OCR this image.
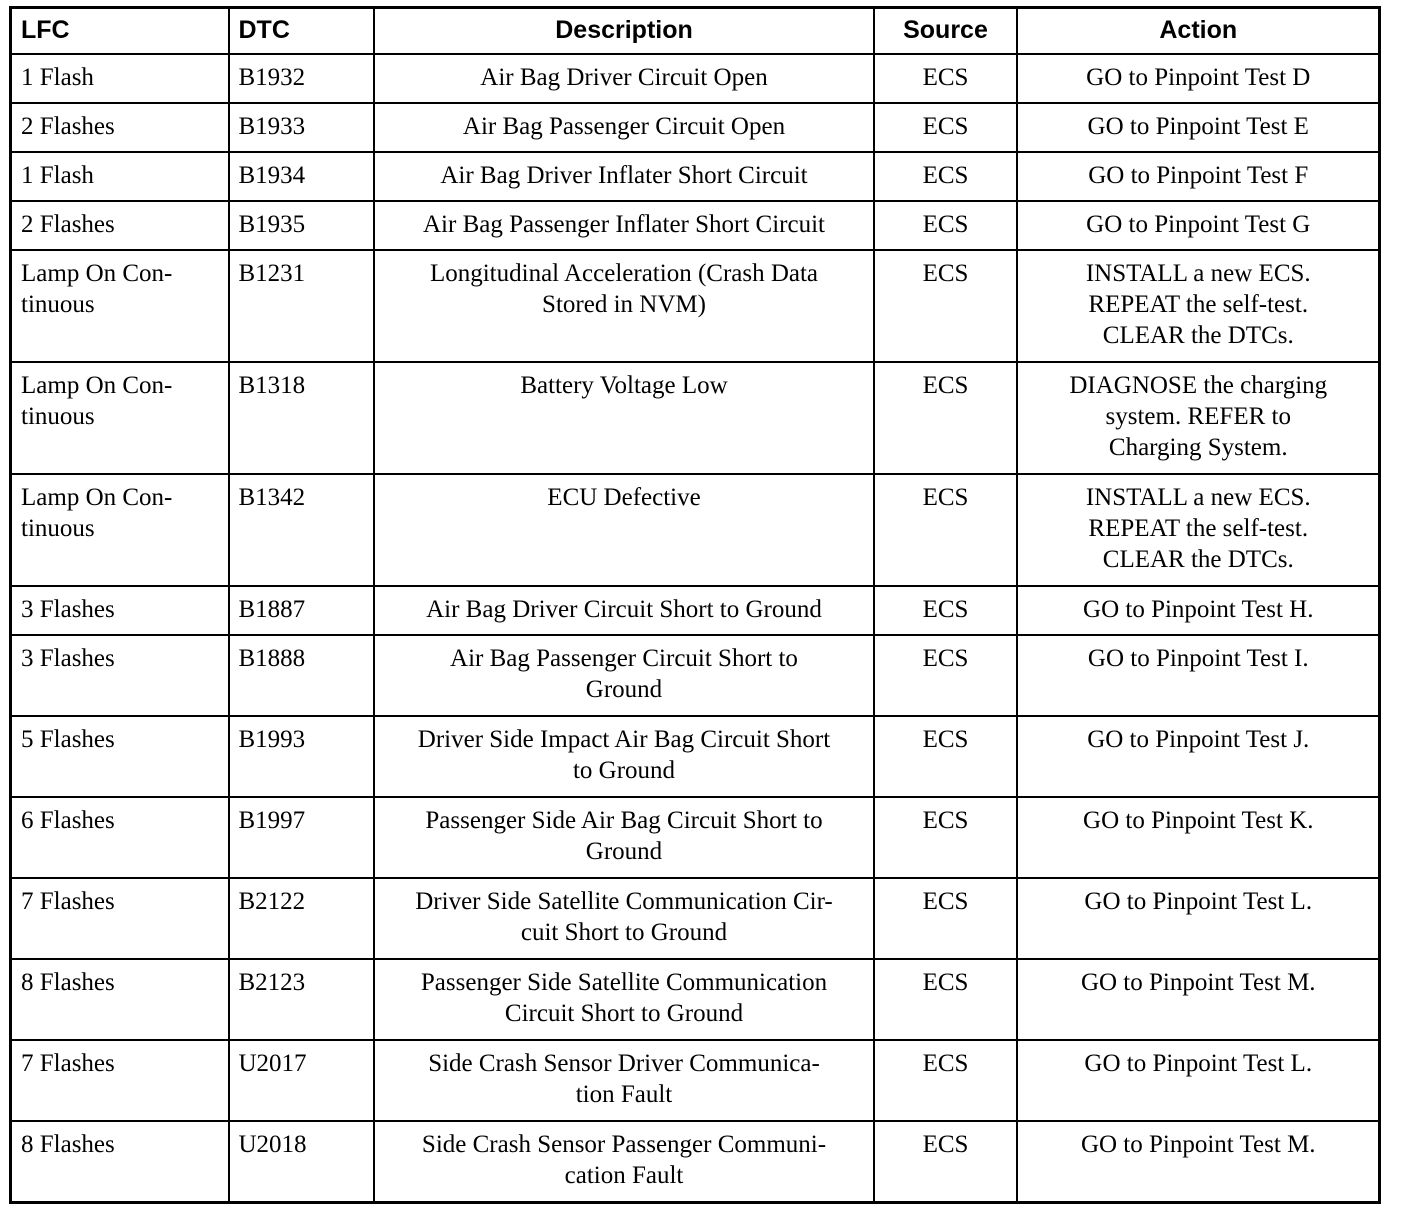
LFC	DTC	Description	Source	Action

1 Flash	B1932	Air Bag Driver Circuit Open	ECS	GO to Pinpoint Test D

2 Flashes	B1933	Air Bag Passenger Circuit Open	ECS	GO to Pinpoint Test E

1 Flash	B1934	Air Bag Driver Inflater Short Circuit	ECS	GO to Pinpoint Test F

2 Flashes	B1935	Air Bag Passenger Inflater Short Circuit	ECS	GO to Pinpoint Test G

Lamp On Con-
tinuous	B1231	Longitudinal Acceleration (Crash Data
Stored in NVM)	ECS	INSTALL a new ECS.
REPEAT the self-test.
CLEAR the DTCs.

Lamp On Con-
tinuous	B1318	Battery Voltage Low	ECS	DIAGNOSE the charging
system. REFER to
Charging System.

Lamp On Con-
tinuous	B1342	ECU Defective	ECS	INSTALL a new ECS.
REPEAT the self-test.
CLEAR the DTCs.

3 Flashes	B1887	Air Bag Driver Circuit Short to Ground	ECS	GO to Pinpoint Test H.

3 Flashes	B1888	Air Bag Passenger Circuit Short to
Ground	ECS	GO to Pinpoint Test I.

5 Flashes	B1993	Driver Side Impact Air Bag Circuit Short
to Ground	ECS	GO to Pinpoint Test J.

6 Flashes	B1997	Passenger Side Air Bag Circuit Short to
Ground	ECS	GO to Pinpoint Test K.

7 Flashes	B2122	Driver Side Satellite Communication Cir-
cuit Short to Ground	ECS	GO to Pinpoint Test L.

8 Flashes	B2123	Passenger Side Satellite Communication
Circuit Short to Ground	ECS	GO to Pinpoint Test M.

7 Flashes	U2017	Side Crash Sensor Driver Communica-
tion Fault	ECS	GO to Pinpoint Test L.

8 Flashes	U2018	Side Crash Sensor Passenger Communi-
cation Fault	ECS	GO to Pinpoint Test M.
